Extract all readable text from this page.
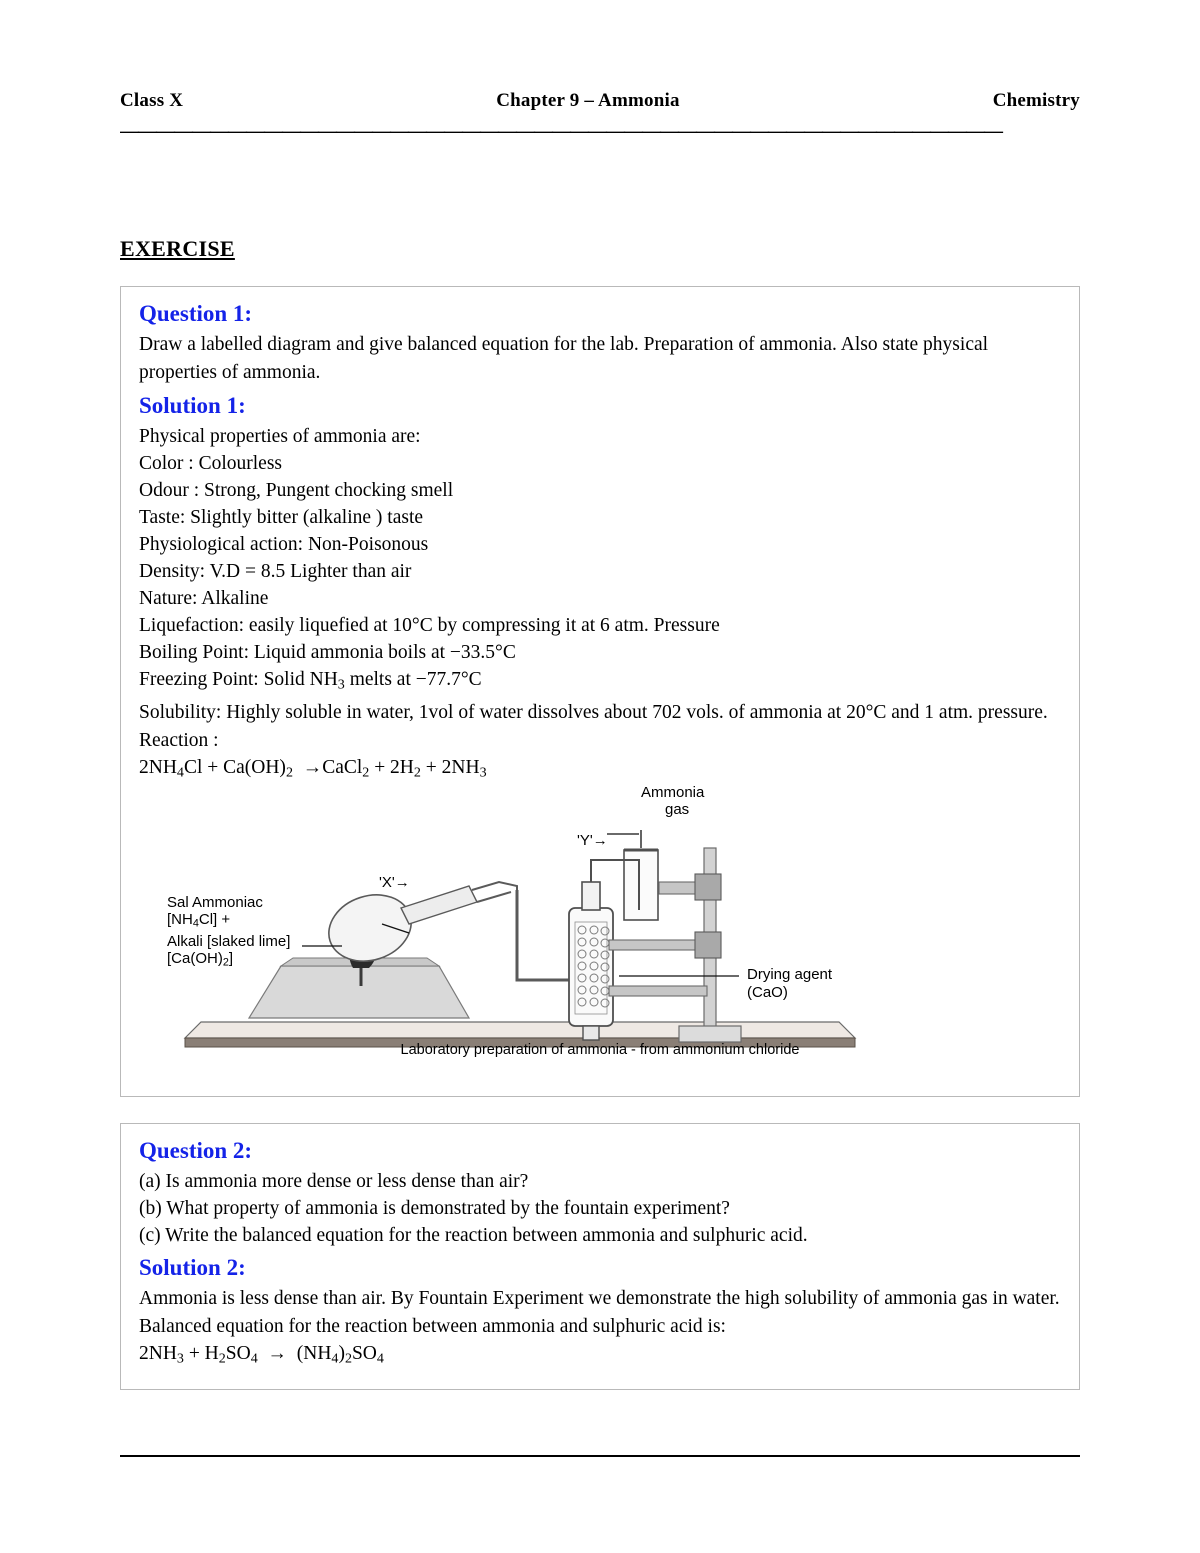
Class X	Chapter 9 – Ammonia	Chemistry
—————————————————————————————————————————————————
EXERCISE
Question 1:
Draw a labelled diagram and give balanced equation for the lab. Preparation of ammonia. Also state physical properties of ammonia.
Solution 1:
Physical properties of ammonia are:
Color : Colourless
Odour : Strong, Pungent chocking smell
Taste: Slightly bitter (alkaline ) taste
Physiological action: Non-Poisonous
Density: V.D = 8.5 Lighter than air
Nature: Alkaline
Liquefaction: easily liquefied at 10°C by compressing it at 6 atm. Pressure
Boiling Point: Liquid ammonia boils at −33.5°C
Freezing Point: Solid $NH_3$ melts at −77.7°C
Solubility: Highly soluble in water, 1vol of water dissolves about 702 vols. of ammonia at 20°C and 1 atm. pressure.
Reaction :
$2NH_4Cl + Ca(OH)_2$  →CaCl$_2$ + $2H_2 + 2NH_3$
Ammonia
gas
'Y'→
'X'→
Sal Ammoniac
$[NH_4Cl]$ +
Alkali [slaked lime]
$[Ca(OH)_2]$
Drying agent
(CaO)
Laboratory preparation of ammonia - from ammonium chloride
Question 2:
(a) Is ammonia more dense or less dense than air?
(b) What property of ammonia is demonstrated by the fountain experiment?
(c) Write the balanced equation for the reaction between ammonia and sulphuric acid.
Solution 2:
Ammonia is less dense than air. By Fountain Experiment we demonstrate the high solubility of ammonia gas in water.
Balanced equation for the reaction between ammonia and sulphuric acid is:
$2NH_3 + H_2SO_4 \to (NH_4)_2SO_4$
